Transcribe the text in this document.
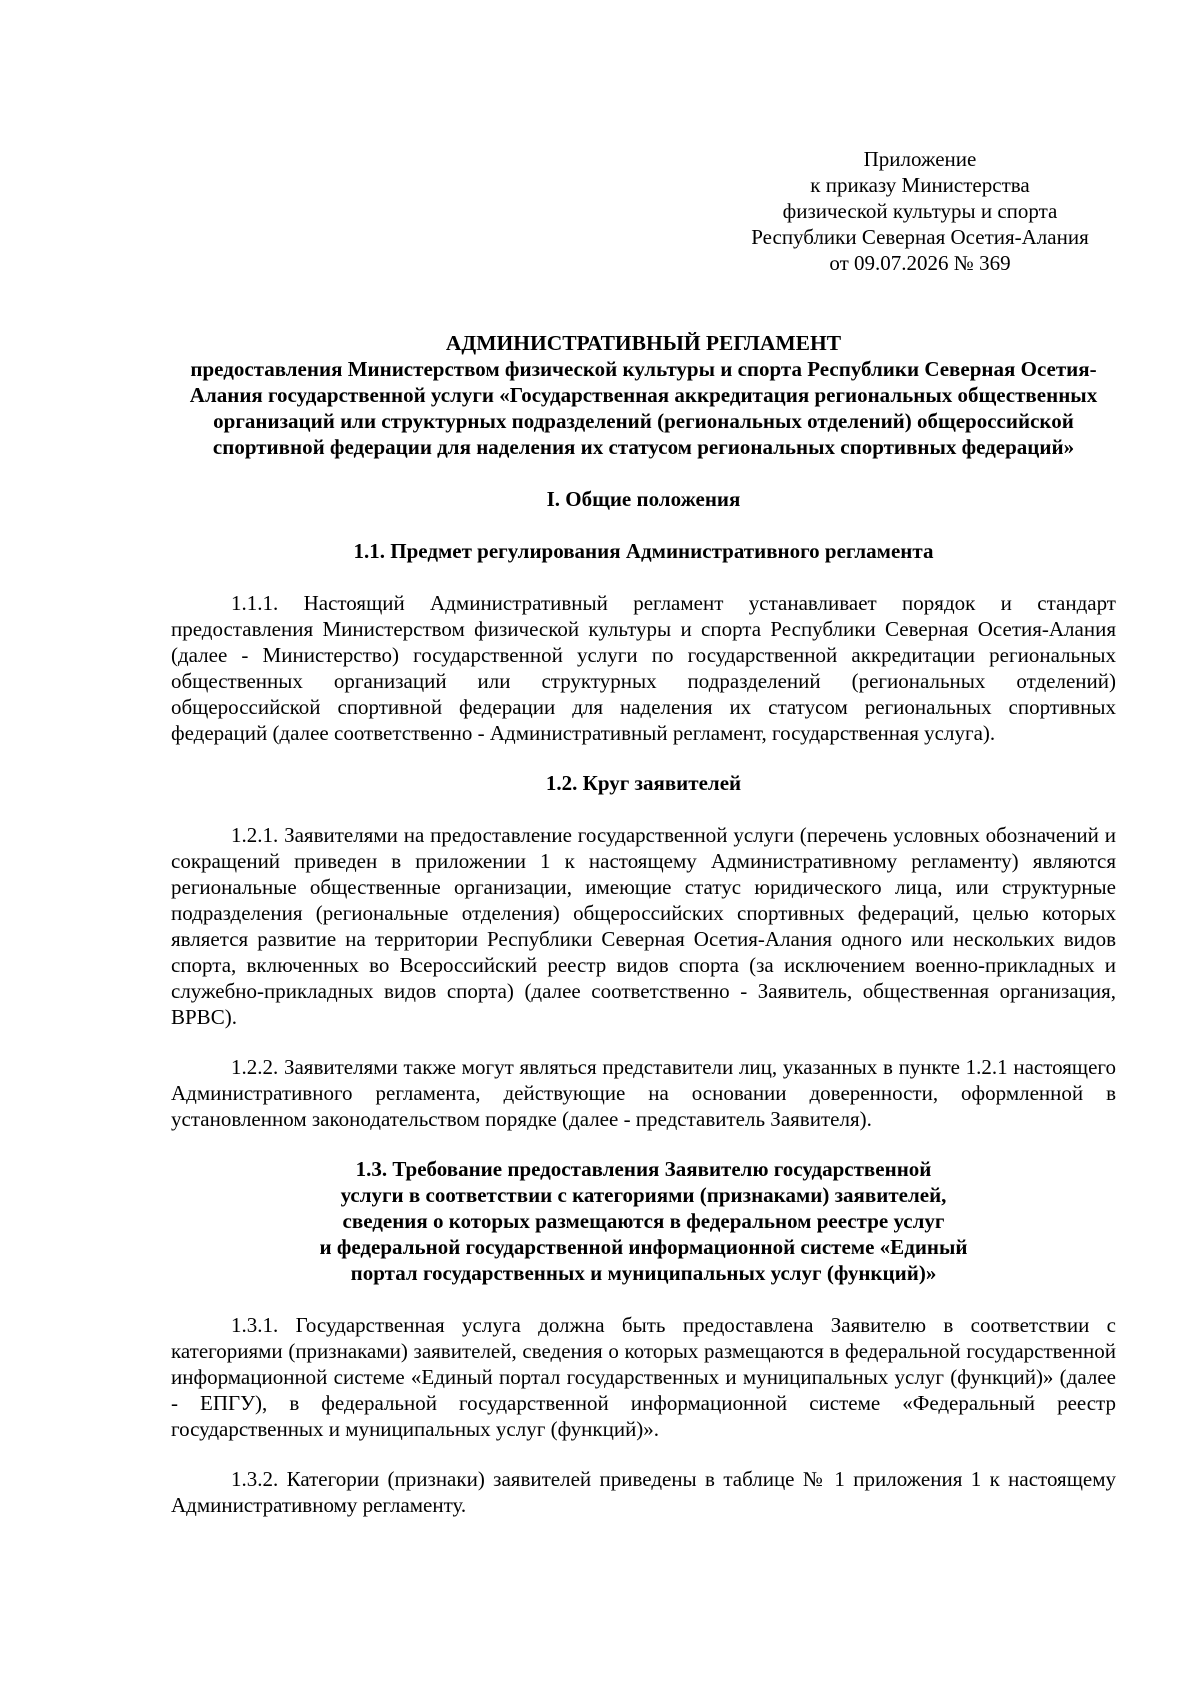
Приложение
к приказу Министерства
физической культуры и спорта
Республики Северная Осетия-Алания
от 09.07.2026 № 369
АДМИНИСТРАТИВНЫЙ РЕГЛАМЕНТ
предоставления Министерством физической культуры и спорта Республики Северная Осетия-Алания государственной услуги «Государственная аккредитация региональных общественных организаций или структурных подразделений (региональных отделений) общероссийской спортивной федерации для наделения их статусом региональных спортивных федераций»
I. Общие положения
1.1. Предмет регулирования Административного регламента

1.1.1. Настоящий Административный регламент устанавливает порядок и стандарт предоставления Министерством физической культуры и спорта Республики Северная Осетия-Алания (далее - Министерство) государственной услуги по государственной аккредитации региональных общественных организаций или структурных подразделений (региональных отделений) общероссийской спортивной федерации для наделения их статусом региональных спортивных федераций (далее соответственно - Административный регламент, государственная услуга).

1.2. Круг заявителей

1.2.1. Заявителями на предоставление государственной услуги (перечень условных обозначений и сокращений приведен в приложении 1 к настоящему Административному регламенту) являются региональные общественные организации, имеющие статус юридического лица, или структурные подразделения (региональные отделения) общероссийских спортивных федераций, целью которых является развитие на территории Республики Северная Осетия-Алания одного или нескольких видов спорта, включенных во Всероссийский реестр видов спорта (за исключением военно-прикладных и служебно-прикладных видов спорта) (далее соответственно - Заявитель, общественная организация, ВРВС).

1.2.2. Заявителями также могут являться представители лиц, указанных в пункте 1.2.1 настоящего Административного регламента, действующие на основании доверенности, оформленной в установленном законодательством порядке (далее - представитель Заявителя).

1.3. Требование предоставления Заявителю государственной
услуги в соответствии с категориями (признаками) заявителей,
сведения о которых размещаются в федеральном реестре услуг
и федеральной государственной информационной системе «Единый
портал государственных и муниципальных услуг (функций)»

1.3.1. Государственная услуга должна быть предоставлена Заявителю в соответствии с категориями (признаками) заявителей, сведения о которых размещаются в федеральной государственной информационной системе «Единый портал государственных и муниципальных услуг (функций)» (далее - ЕПГУ), в федеральной государственной информационной системе «Федеральный реестр государственных и муниципальных услуг (функций)».

1.3.2. Категории (признаки) заявителей приведены в таблице № 1 приложения 1 к настоящему Административному регламенту.
